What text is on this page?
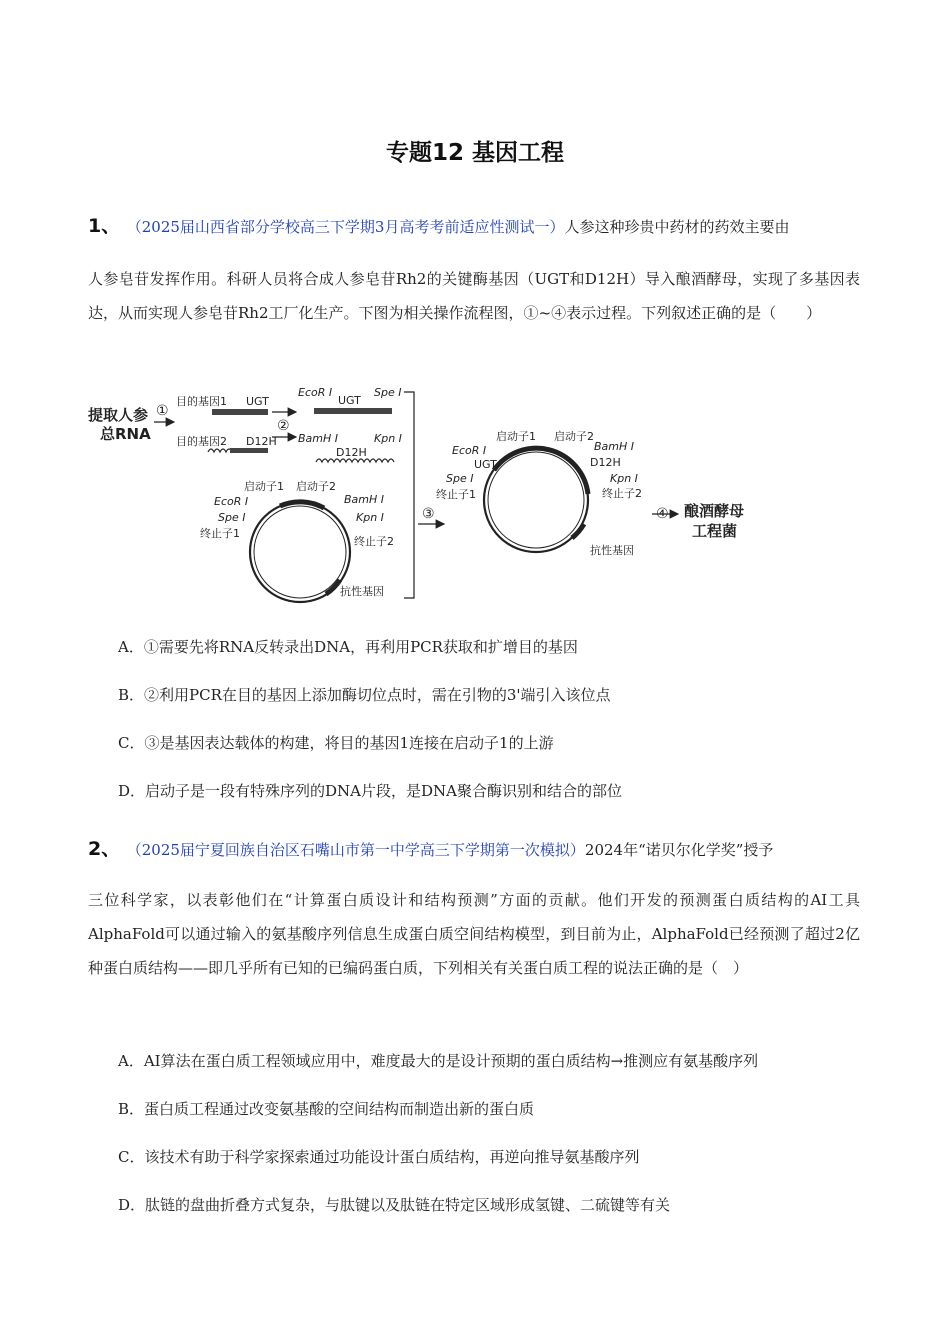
专题12 基因工程
1、 （2025届山西省部分学校高三下学期3月高考考前适应性测试一）人参这种珍贵中药材的药效主要由
人参皂苷发挥作用。科研人员将合成人参皂苷Rh2的关键酶基因（UGT和D12H）导入酿酒酵母，实现了多基因表达，从而实现人参皂苷Rh2工厂化生产。下图为相关操作流程图，①~④表示过程。下列叙述正确的是（　　）
提取人参
总RNA
①
目的基因1 UGT
目的基因2 D12H
②
EcoR Ⅰ	Spe Ⅰ
UGT
BamH Ⅰ	Kpn Ⅰ
D12H
启动子1 启动子2
EcoR Ⅰ
Spe Ⅰ
终止子1
BamH Ⅰ
Kpn Ⅰ
终止子2
抗性基因
③
启动子1 启动子2
EcoR Ⅰ
UGT
Spe Ⅰ
终止子1
BamH Ⅰ
D12H
Kpn Ⅰ
终止子2
抗性基因
④ 酿酒酵母
工程菌
A．①需要先将RNA反转录出DNA，再利用PCR获取和扩增目的基因
B．②利用PCR在目的基因上添加酶切位点时，需在引物的3'端引入该位点
C．③是基因表达载体的构建，将目的基因1连接在启动子1的上游
D．启动子是一段有特殊序列的DNA片段，是DNA聚合酶识别和结合的部位
2、 （2025届宁夏回族自治区石嘴山市第一中学高三下学期第一次模拟）2024年“诺贝尔化学奖”授予
三位科学家，以表彰他们在“计算蛋白质设计和结构预测”方面的贡献。他们开发的预测蛋白质结构的AI工具AlphaFold可以通过输入的氨基酸序列信息生成蛋白质空间结构模型，到目前为止，AlphaFold已经预测了超过2亿种蛋白质结构——即几乎所有已知的已编码蛋白质，下列相关有关蛋白质工程的说法正确的是（　）
A．AI算法在蛋白质工程领域应用中，难度最大的是设计预期的蛋白质结构→推测应有氨基酸序列
B．蛋白质工程通过改变氨基酸的空间结构而制造出新的蛋白质
C．该技术有助于科学家探索通过功能设计蛋白质结构，再逆向推导氨基酸序列
D．肽链的盘曲折叠方式复杂，与肽键以及肽链在特定区域形成氢键、二硫键等有关
